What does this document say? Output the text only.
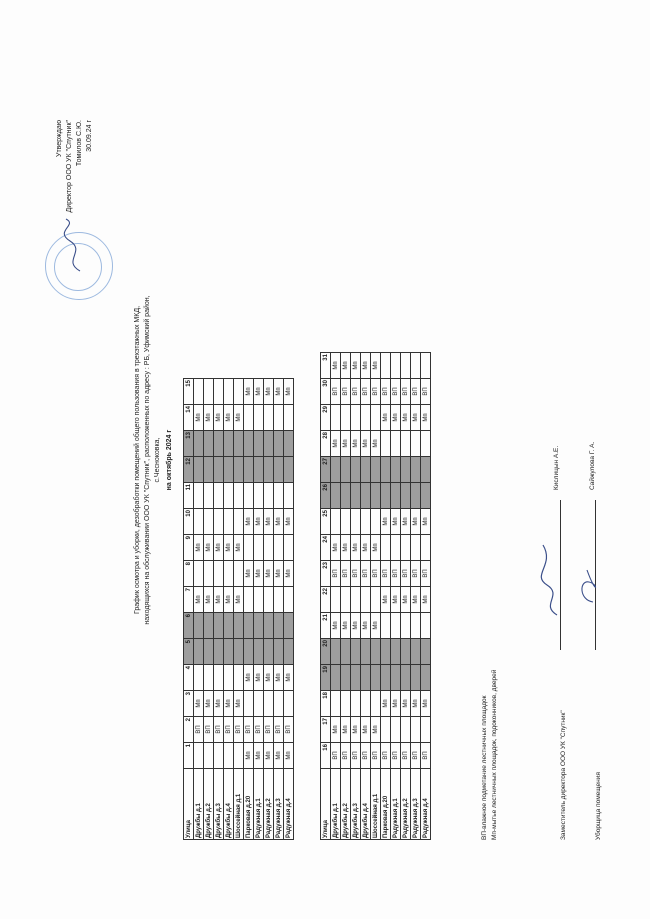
Утверждаю Директор ООО УК "Спутник" Томилов С.Ю. 30.09.24 г
График осмотра и уборки, дезобработки помещений общего пользования в трехэтажных МКД, находящихся на обслуживании ООО УК "Спутник", расположенных по адресу : РБ, Уфимский район, с.Чесноковка, на октябрь 2024 г
Улица	1	2	3	4	5	6	7	8	9	10	11	12	13	14	15
Дружбы д.1		ВП	Мп				Мп		Мп					Мп	
Дружбы д.2		ВП	Мп				Мп		Мп					Мп	
Дружбы д.3		ВП	Мп				Мп		Мп					Мп	
Дружбы д.4		ВП	Мп				Мп		Мп					Мп	
Шоссейная д.1		ВП	Мп				Мп		Мп					Мп	
Парковая д.20	Мп	ВП		Мп				Мп		Мп					Мп
Радужная д.1	Мп	ВП		Мп				Мп		Мп					Мп
Радужная д.2	Мп	ВП		Мп				Мп		Мп					Мп
Радужная д.3	Мп	ВП		Мп				Мп		Мп					Мп
Радужная д.4	Мп	ВП		Мп				Мп		Мп					Мп
Улица	16	17	18	19	20	21	22	23	24	25	26	27	28	29	30	31
Дружбы д.1	ВП	Мп				Мп		ВП	Мп				Мп		ВП	Мп
Дружбы д.2	ВП	Мп				Мп		ВП	Мп				Мп		ВП	Мп
Дружбы д.3	ВП	Мп				Мп		ВП	Мп				Мп		ВП	Мп
Дружбы д.4	ВП	Мп				Мп		ВП	Мп				Мп		ВП	Мп
Шоссейная д.1	ВП	Мп				Мп		ВП	Мп				Мп		ВП	Мп
Парковая д.20	ВП		Мп				Мп	ВП		Мп				Мп	ВП	
Радужная д.1	ВП		Мп				Мп	ВП		Мп				Мп	ВП	
Радужная д.2	ВП		Мп				Мп	ВП		Мп				Мп	ВП	
Радужная д.3	ВП		Мп				Мп	ВП		Мп				Мп	ВП	
Радужная д.4	ВП		Мп				Мп	ВП		Мп				Мп	ВП	
ВП-влажное подметание лестничных площадок Мп-мытье лестничных площадок, подоконников, дверей	Заместитель директора ООО УК "Спутник"
Кислицын А.Е.
Уборщица помещения
Сайжулова Г. А.
